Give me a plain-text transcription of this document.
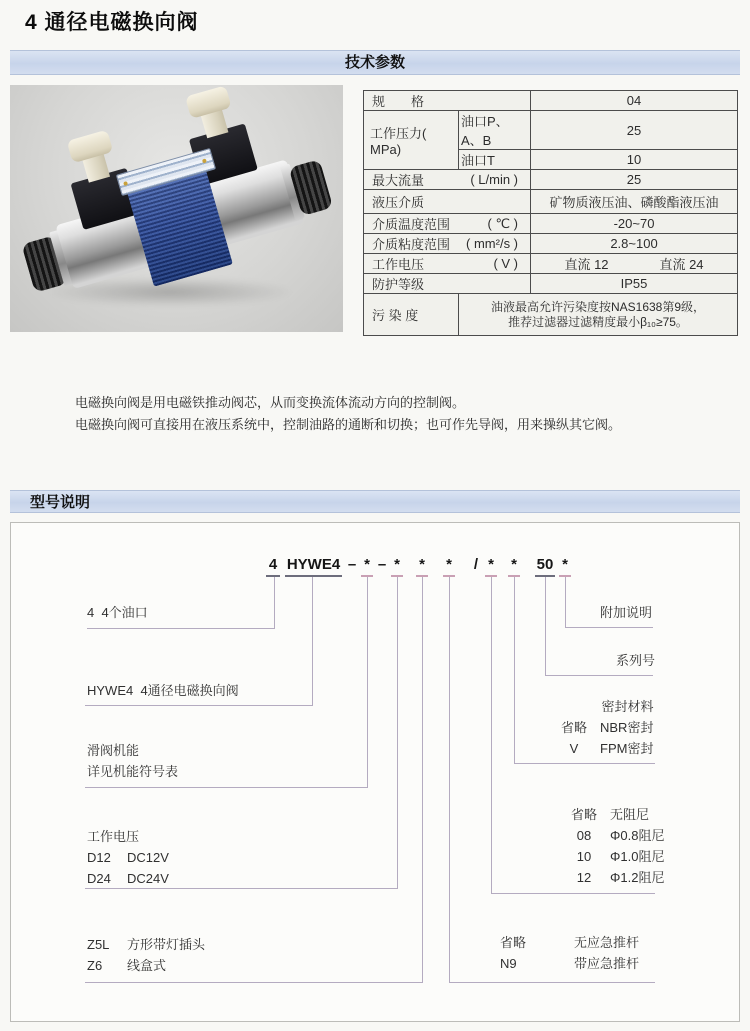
4 通径电磁换向阀
技术参数
规　　格		04
工作压力( MPa)	油口P、A、B	25
	油口T	10

最大流量 ( L/min )		25
液压介质		矿物质液压油、磷酸酯液压油

介质温度范围 ( ℃ )		-20~70

介质粘度范围 ( mm²/s )		2.8~100

工作电压 ( V )		直流 12 直流 24

防护等级		IP55
污 染 度	油液最高允许污染度按NAS1638第9级，
推荐过滤器过滤精度最小β₁₀≥75。	
电磁换向阀是用电磁铁推动阀芯，从而变换流体流动方向的控制阀。
电磁换向阀可直接用在液压系统中，控制油路的通断和切换；也可作先导阀，用来操纵其它阀。
型号说明
4 HYWE4 – * – * * * / * * 50 *
4  4个油口
HYWE4  4通径电磁换向阀
滑阀机能
详见机能符号表
工作电压
D12	DC12V
D24	DC24V
Z5L	方形带灯插头
Z6	线盒式
附加说明
系列号
密封材料
省略	NBR密封
V	FPM密封
省略	无阻尼
08	Φ0.8阻尼
10	Φ1.0阻尼
12	Φ1.2阻尼
省略	无应急推杆
N9	带应急推杆
